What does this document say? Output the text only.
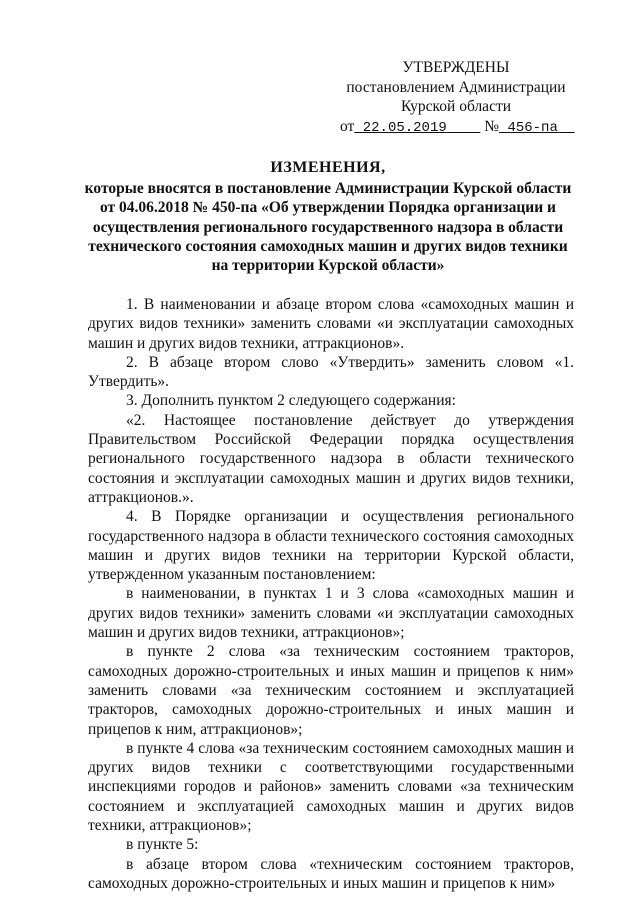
УТВЕРЖДЕНЫ
постановлением Администрации
Курской области
от 22.05.2019 № 456-па
ИЗМЕНЕНИЯ,
которые вносятся в постановление Администрации Курской области
от 04.06.2018 № 450-па «Об утверждении Порядка организации и
осуществления регионального государственного надзора в области
технического состояния самоходных машин и других видов техники
на территории Курской области»

1. В наименовании и абзаце втором слова «самоходных машин и других видов техники» заменить словами «и эксплуатации самоходных машин и других видов техники, аттракционов».

2. В абзаце втором слово «Утвердить» заменить словом «1. Утвердить».

3. Дополнить пунктом 2 следующего содержания:

«2. Настоящее постановление действует до утверждения Правительством Российской Федерации порядка осуществления регионального государственного надзора в области технического состояния и эксплуатации самоходных машин и других видов техники, аттракционов.».

4. В Порядке организации и осуществления регионального государственного надзора в области технического состояния самоходных машин и других видов техники на территории Курской области, утвержденном указанным постановлением:

в наименовании, в пунктах 1 и 3 слова «самоходных машин и других видов техники» заменить словами «и эксплуатации самоходных машин и других видов техники, аттракционов»;

в пункте 2 слова «за техническим состоянием тракторов, самоходных дорожно-строительных и иных машин и прицепов к ним» заменить словами «за техническим состоянием и эксплуатацией тракторов, самоходных дорожно-строительных и иных машин и прицепов к ним, аттракционов»;

в пункте 4 слова «за техническим состоянием самоходных машин и других видов техники с соответствующими государственными инспекциями городов и районов» заменить словами «за техническим состоянием и эксплуатацией самоходных машин и других видов техники, аттракционов»;

в пункте 5:

в абзаце втором слова «техническим состоянием тракторов, самоходных дорожно-строительных и иных машин и прицепов к ним»
